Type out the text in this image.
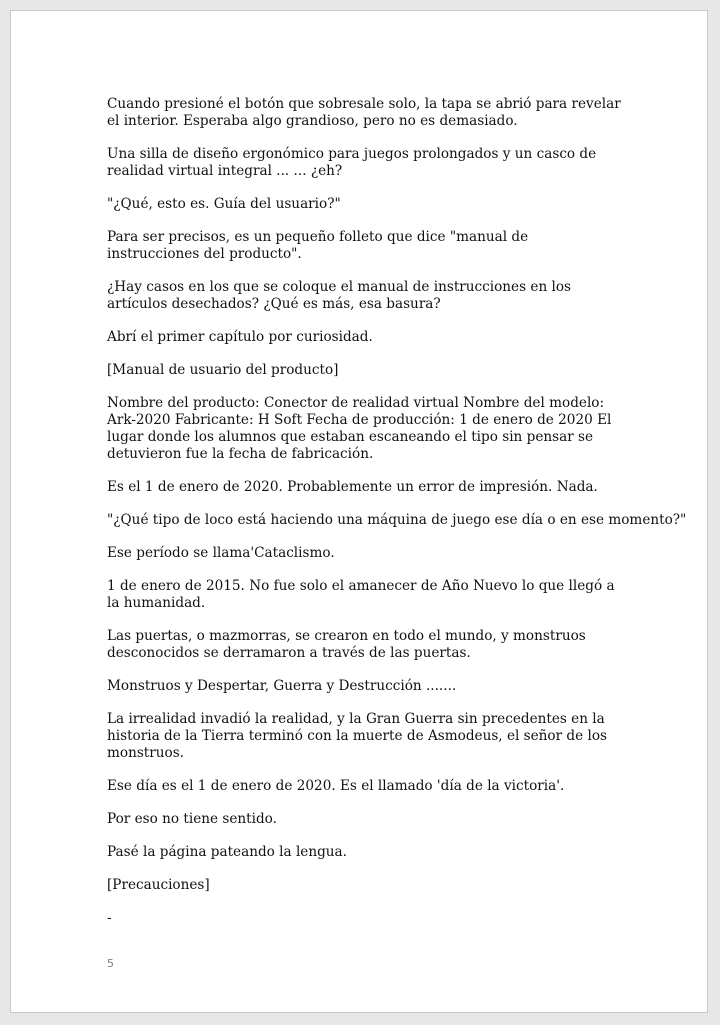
Cuando presioné el botón que sobresale solo, la tapa se abrió para revelar el interior. Esperaba algo grandioso, pero no es demasiado.

Una silla de diseño ergonómico para juegos prolongados y un casco de realidad virtual integral ... ... ¿eh?

"¿Qué, esto es. Guía del usuario?"

Para ser precisos, es un pequeño folleto que dice "manual de instrucciones del producto".

¿Hay casos en los que se coloque el manual de instrucciones en los artículos desechados? ¿Qué es más, esa basura?

Abrí el primer capítulo por curiosidad.

[Manual de usuario del producto]

Nombre del producto: Conector de realidad virtual Nombre del modelo: Ark-2020 Fabricante: H Soft Fecha de producción: 1 de enero de 2020 El lugar donde los alumnos que estaban escaneando el tipo sin pensar se detuvieron fue la fecha de fabricación.

Es el 1 de enero de 2020. Probablemente un error de impresión. Nada.

"¿Qué tipo de loco está haciendo una máquina de juego ese día o en ese momento?"

Ese período se llama'Cataclismo.

1 de enero de 2015. No fue solo el amanecer de Año Nuevo lo que llegó a la humanidad.

Las puertas, o mazmorras, se crearon en todo el mundo, y monstruos desconocidos se derramaron a través de las puertas.

Monstruos y Despertar, Guerra y Destrucción .......

La irrealidad invadió la realidad, y la Gran Guerra sin precedentes en la historia de la Tierra terminó con la muerte de Asmodeus, el señor de los monstruos.

Ese día es el 1 de enero de 2020. Es el llamado 'día de la victoria'.

Por eso no tiene sentido.

Pasé la página pateando la lengua.

[Precauciones]

-

5
